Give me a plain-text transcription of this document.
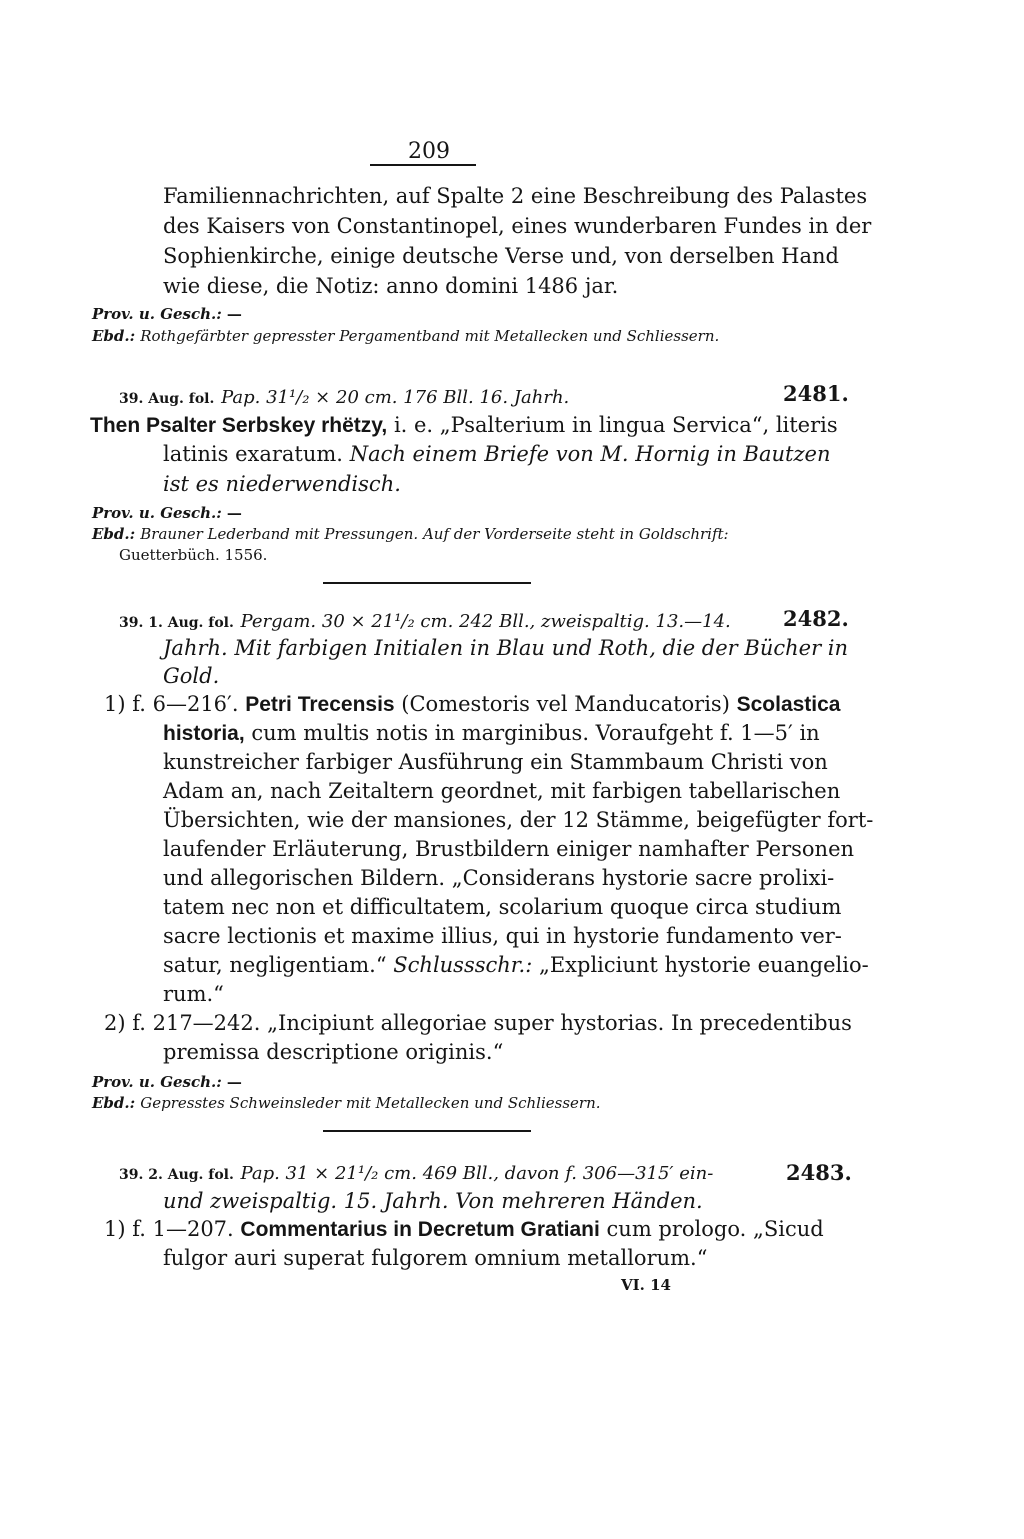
209
Familiennachrichten, auf Spalte 2 eine Beschreibung des Palastes
des Kaisers von Constantinopel, eines wunderbaren Fundes in der
Sophienkirche, einige deutsche Verse und, von derselben Hand
wie diese, die Notiz: anno domini 1486 jar.
Prov. u. Gesch.: —
Ebd.: Rothgefärbter gepresster Pergamentband mit Metallecken und Schliessern.
39. Aug. fol. Pap. 31¹/₂ × 20 cm. 176 Bll. 16. Jahrh.	2481.
Then Psalter Serbskey rhëtzy, i. e. „Psalterium in lingua Servica“, literis
latinis exaratum. Nach einem Briefe von M. Hornig in Bautzen
ist es niederwendisch.
Prov. u. Gesch.: —
Ebd.: Brauner Lederband mit Pressungen. Auf der Vorderseite steht in Goldschrift:
Guetterbüch. 1556.
39. 1. Aug. fol. Pergam. 30 × 21¹/₂ cm. 242 Bll., zweispaltig. 13.—14. 2482.
Jahrh. Mit farbigen Initialen in Blau und Roth, die der Bücher in
Gold.
1) f. 6—216′. Petri Trecensis (Comestoris vel Manducatoris) Scolastica
historia, cum multis notis in marginibus. Voraufgeht f. 1—5′ in
kunstreicher farbiger Ausführung ein Stammbaum Christi von
Adam an, nach Zeitaltern geordnet, mit farbigen tabellarischen
Übersichten, wie der mansiones, der 12 Stämme, beigefügter fort-
laufender Erläuterung, Brustbildern einiger namhafter Personen
und allegorischen Bildern. „Considerans hystorie sacre prolixi-
tatem nec non et difficultatem, scolarium quoque circa studium
sacre lectionis et maxime illius, qui in hystorie fundamento ver-
satur, negligentiam.“ Schlussschr.: „Expliciunt hystorie euangelio-
rum.“
2) f. 217—242. „Incipiunt allegoriae super hystorias. In precedentibus
premissa descriptione originis.“
Prov. u. Gesch.: —
Ebd.: Gepresstes Schweinsleder mit Metallecken und Schliessern.
39. 2. Aug. fol. Pap. 31 × 21¹/₂ cm. 469 Bll., davon f. 306—315′ ein-	2483.
und zweispaltig. 15. Jahrh. Von mehreren Händen.
1) f. 1—207. Commentarius in Decretum Gratiani cum prologo. „Sicud
fulgor auri superat fulgorem omnium metallorum.“
VI. 14
